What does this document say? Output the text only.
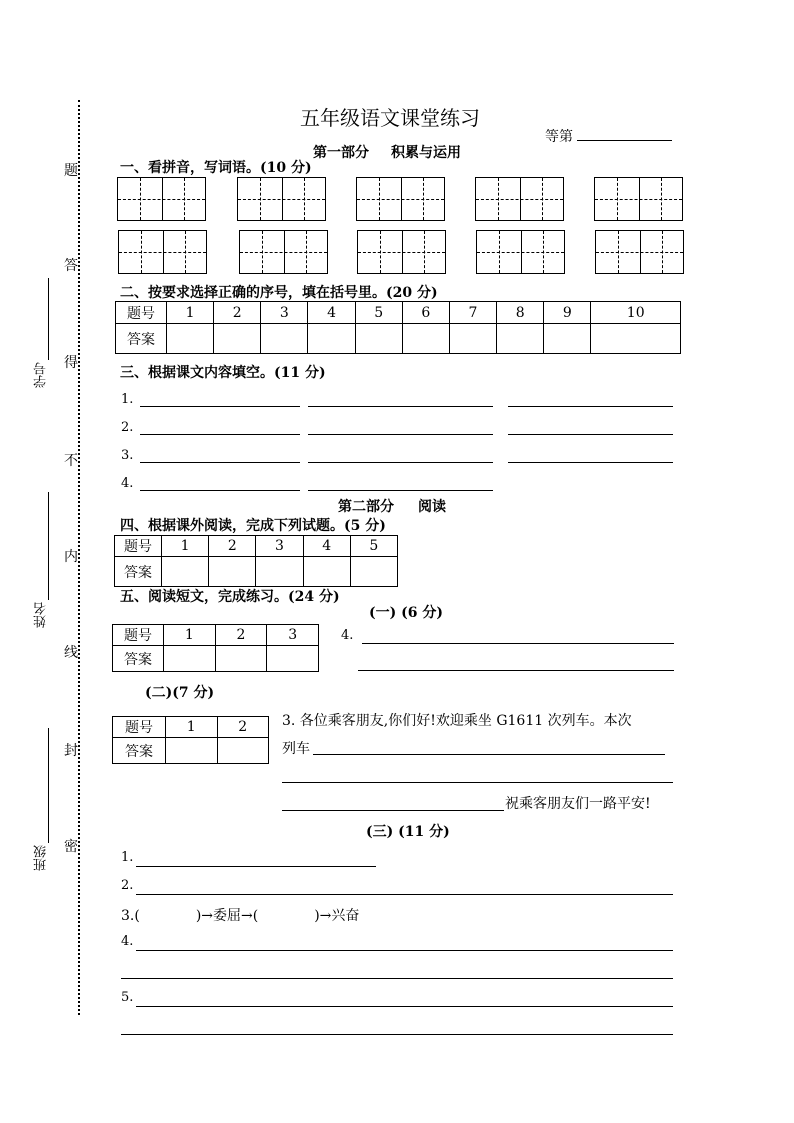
题
答
得
不
内
线
封
密
学号
姓名
班级
五年级语文课堂练习
等第
第一部分 积累与运用
一、看拼音，写词语。(10 分)
二、按要求选择正确的序号，填在括号里。(20 分)
题号	1	2	3	4	5	6	7	8	9	10
答案										
三、根据课文内容填空。(11 分)
1.
2.
3.
4.
第二部分 阅读
四、根据课外阅读，完成下列试题。(5 分)
题号	1	2	3	4	5
答案					
五、阅读短文，完成练习。(24 分)
(一) (6 分)
题号	1	2	3
答案			
4.
(二)(7 分)
题号	1	2
答案		
3. 各位乘客朋友,你们好!欢迎乘坐 G1611 次列车。本次
列车
祝乘客朋友们一路平安!
(三) (11 分)
1.
2.
3.(	)→委屈→(	)→兴奋
4.
5.
